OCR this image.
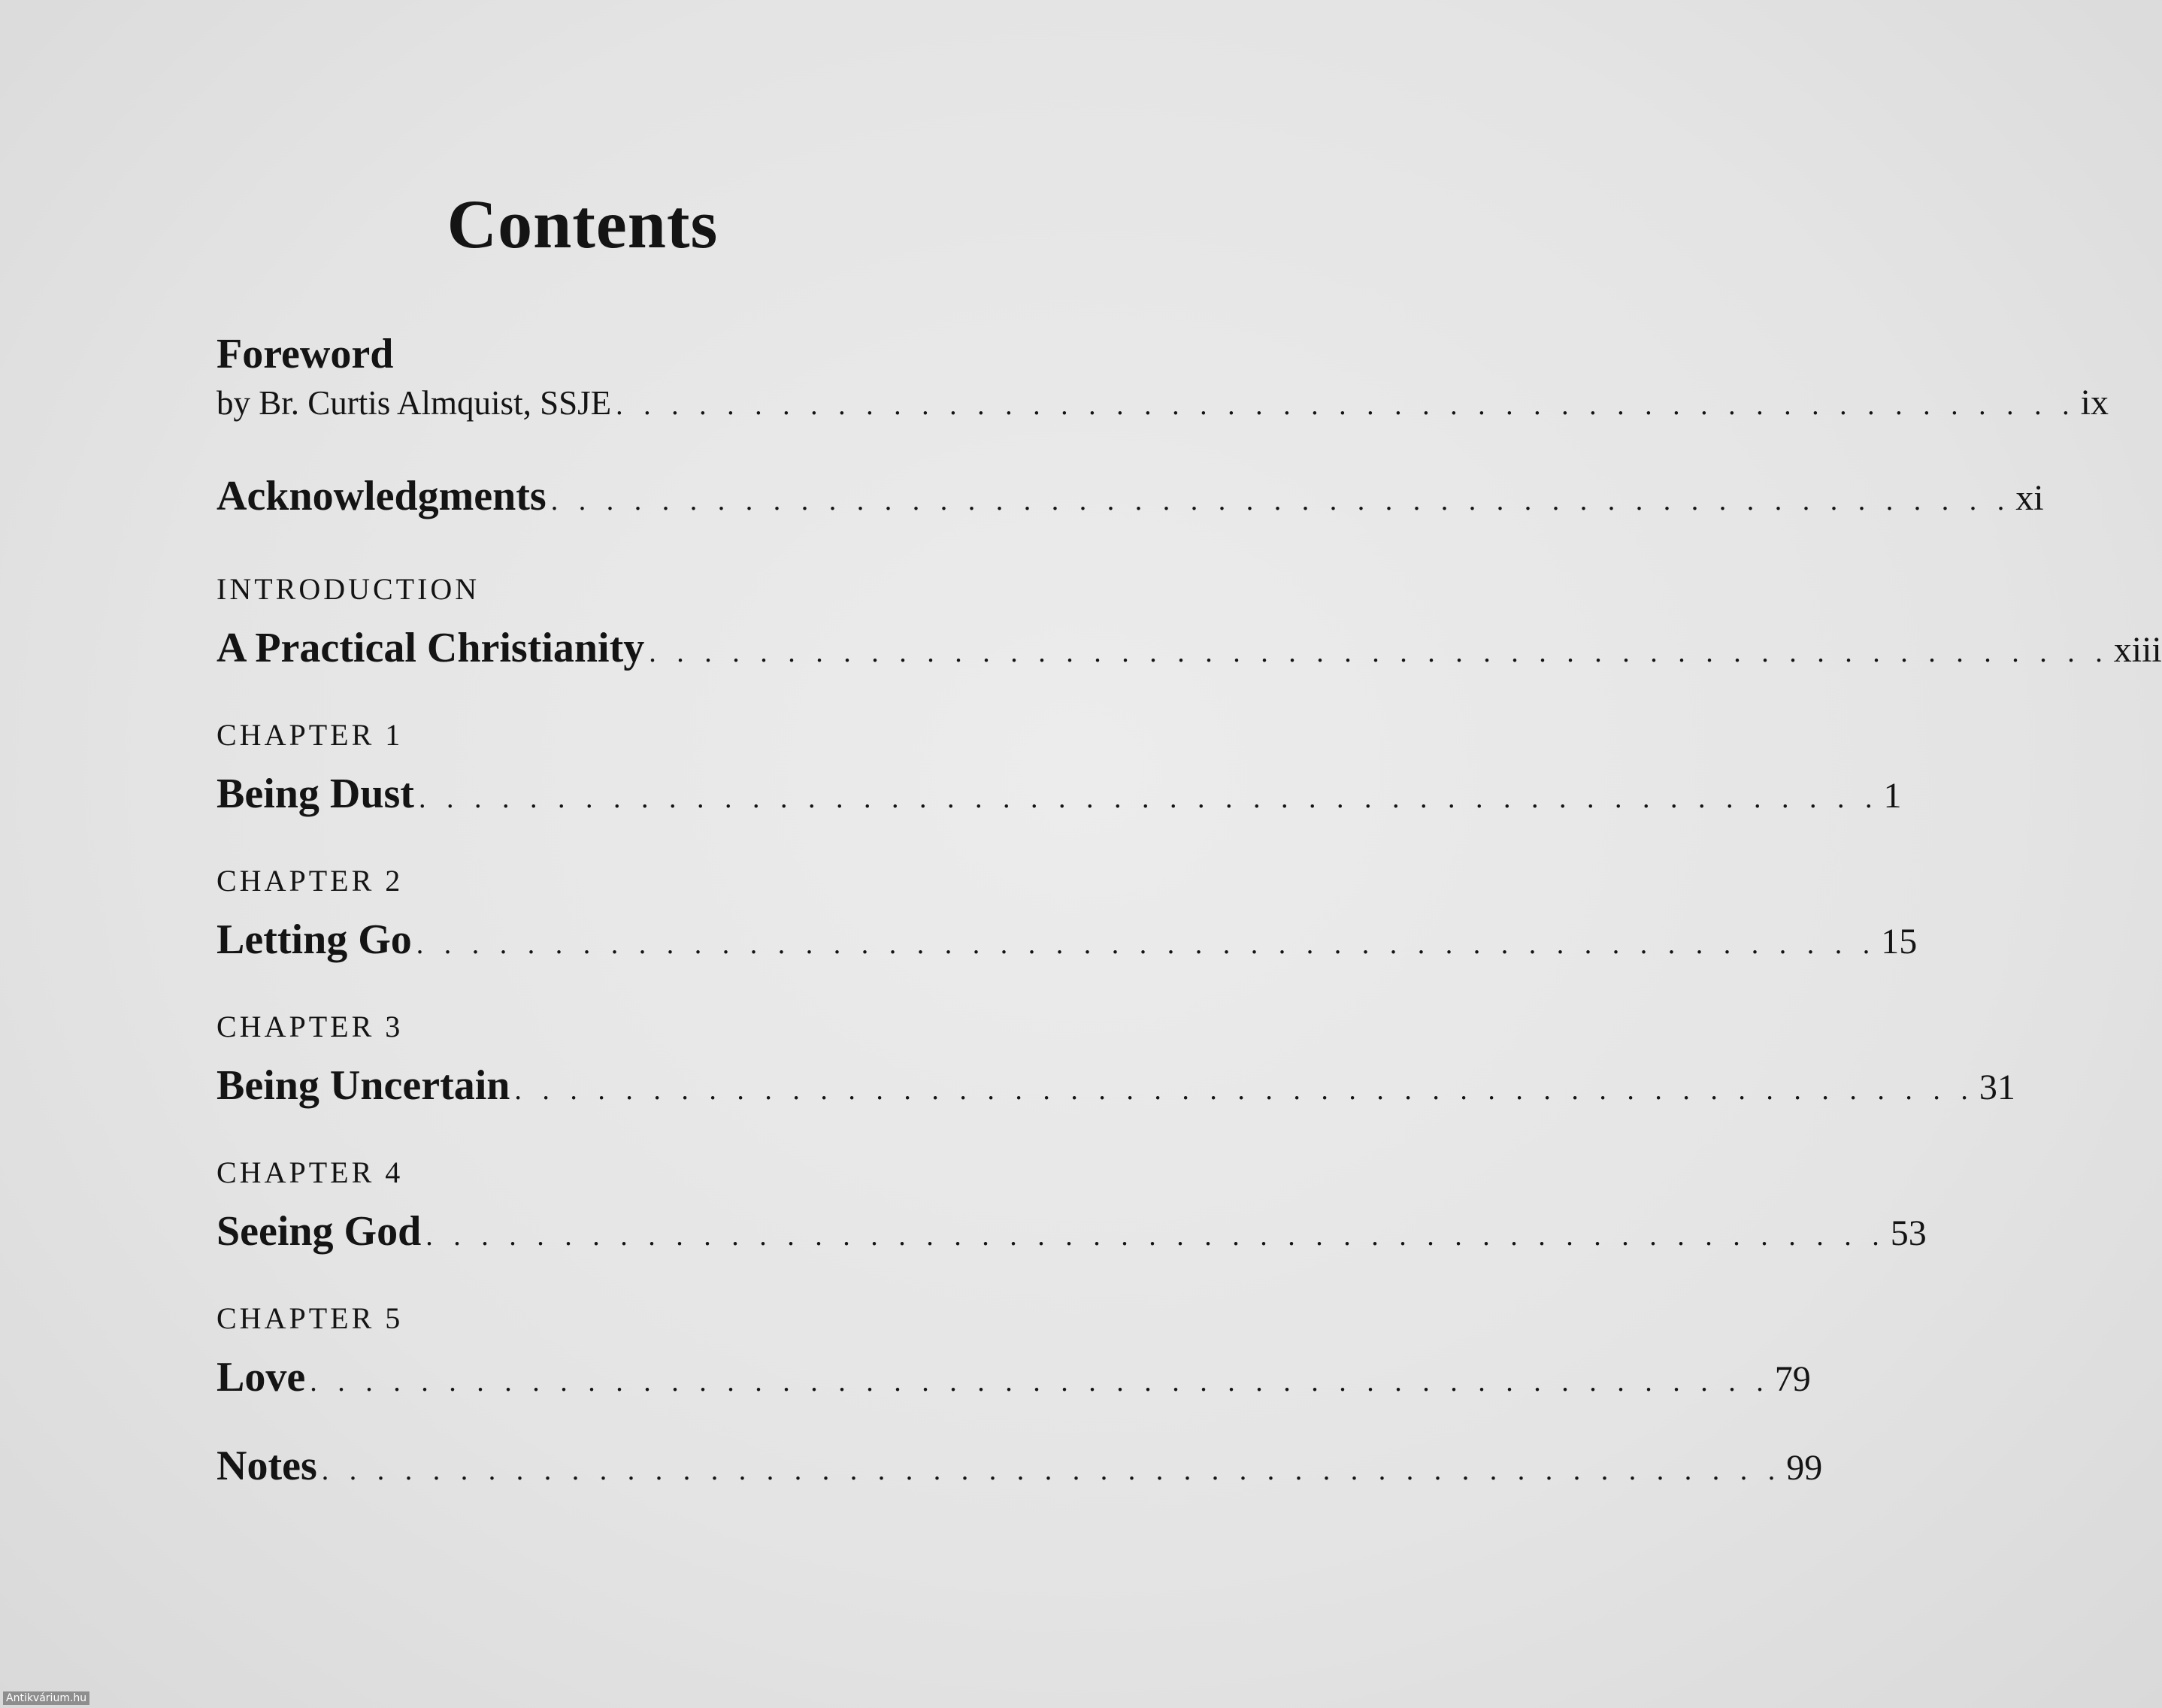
Contents
Foreword
by Br. Curtis Almquist, SSJE . . . . . . . . . . . . . . . . . . . . . . . . . . . . . . . . . . . . . . . . . . . . . . . . . . . . . ix
Acknowledgments . . . . . . . . . . . . . . . . . . . . . . . . . . . . . . . . . . . . . . . . . . . . . . . . . . . . . xi
INTRODUCTION
A Practical Christianity . . . . . . . . . . . . . . . . . . . . . . . . . . . . . . . . . . . . . . . . . . . . . . . . . . . . . xiii
CHAPTER 1
Being Dust . . . . . . . . . . . . . . . . . . . . . . . . . . . . . . . . . . . . . . . . . . . . . . . . . . . . . 1
CHAPTER 2
Letting Go . . . . . . . . . . . . . . . . . . . . . . . . . . . . . . . . . . . . . . . . . . . . . . . . . . . . . 15
CHAPTER 3
Being Uncertain . . . . . . . . . . . . . . . . . . . . . . . . . . . . . . . . . . . . . . . . . . . . . . . . . . . . . 31
CHAPTER 4
Seeing God . . . . . . . . . . . . . . . . . . . . . . . . . . . . . . . . . . . . . . . . . . . . . . . . . . . . . 53
CHAPTER 5
Love . . . . . . . . . . . . . . . . . . . . . . . . . . . . . . . . . . . . . . . . . . . . . . . . . . . . . 79
Notes . . . . . . . . . . . . . . . . . . . . . . . . . . . . . . . . . . . . . . . . . . . . . . . . . . . . . 99
Antikvárium.hu
